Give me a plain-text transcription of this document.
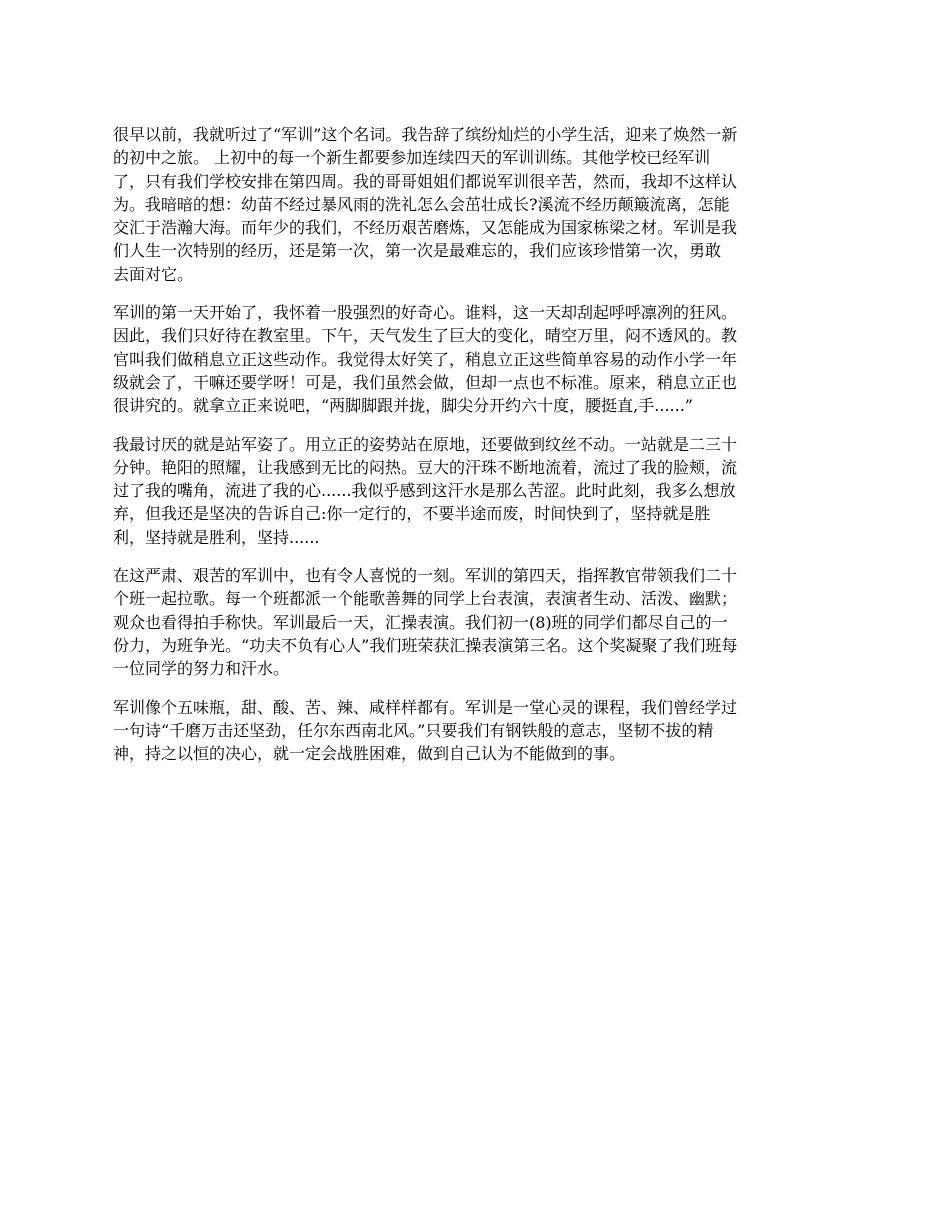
很早以前，我就听过了“军训”这个名词。我告辞了缤纷灿烂的小学生活，迎来了焕然一新
的初中之旅。 上初中的每一个新生都要参加连续四天的军训训练。其他学校已经军训
了，只有我们学校安排在第四周。我的哥哥姐姐们都说军训很辛苦，然而，我却不这样认
为。我暗暗的想：幼苗不经过暴风雨的洗礼怎么会茁壮成长?溪流不经历颠簸流离，怎能
交汇于浩瀚大海。而年少的我们，不经历艰苦磨炼，又怎能成为国家栋梁之材。军训是我
们人生一次特别的经历，还是第一次，第一次是最难忘的，我们应该珍惜第一次，勇敢
去面对它。

军训的第一天开始了，我怀着一股强烈的好奇心。谁料，这一天却刮起呼呼凛冽的狂风。
因此，我们只好待在教室里。下午，天气发生了巨大的变化，晴空万里，闷不透风的。教
官叫我们做稍息立正这些动作。我觉得太好笑了，稍息立正这些简单容易的动作小学一年
级就会了，干嘛还要学呀！可是，我们虽然会做，但却一点也不标准。原来，稍息立正也
很讲究的。就拿立正来说吧，“两脚脚跟并拢，脚尖分开约六十度，腰挺直,手......”

我最讨厌的就是站军姿了。用立正的姿势站在原地，还要做到纹丝不动。一站就是二三十
分钟。艳阳的照耀，让我感到无比的闷热。豆大的汗珠不断地流着，流过了我的脸颊，流
过了我的嘴角，流进了我的心......我似乎感到这汗水是那么苦涩。此时此刻，我多么想放
弃，但我还是坚决的告诉自己:你一定行的，不要半途而废，时间快到了，坚持就是胜
利，坚持就是胜利，坚持......

在这严肃、艰苦的军训中，也有令人喜悦的一刻。军训的第四天，指挥教官带领我们二十
个班一起拉歌。每一个班都派一个能歌善舞的同学上台表演，表演者生动、活泼、幽默；
观众也看得拍手称快。军训最后一天，汇操表演。我们初一(8)班的同学们都尽自己的一
份力，为班争光。“功夫不负有心人”我们班荣获汇操表演第三名。这个奖凝聚了我们班每
一位同学的努力和汗水。

军训像个五味瓶，甜、酸、苦、辣、咸样样都有。军训是一堂心灵的课程，我们曾经学过
一句诗“千磨万击还坚劲，任尔东西南北风。”只要我们有钢铁般的意志，坚韧不拔的精
神，持之以恒的决心，就一定会战胜困难，做到自己认为不能做到的事。
